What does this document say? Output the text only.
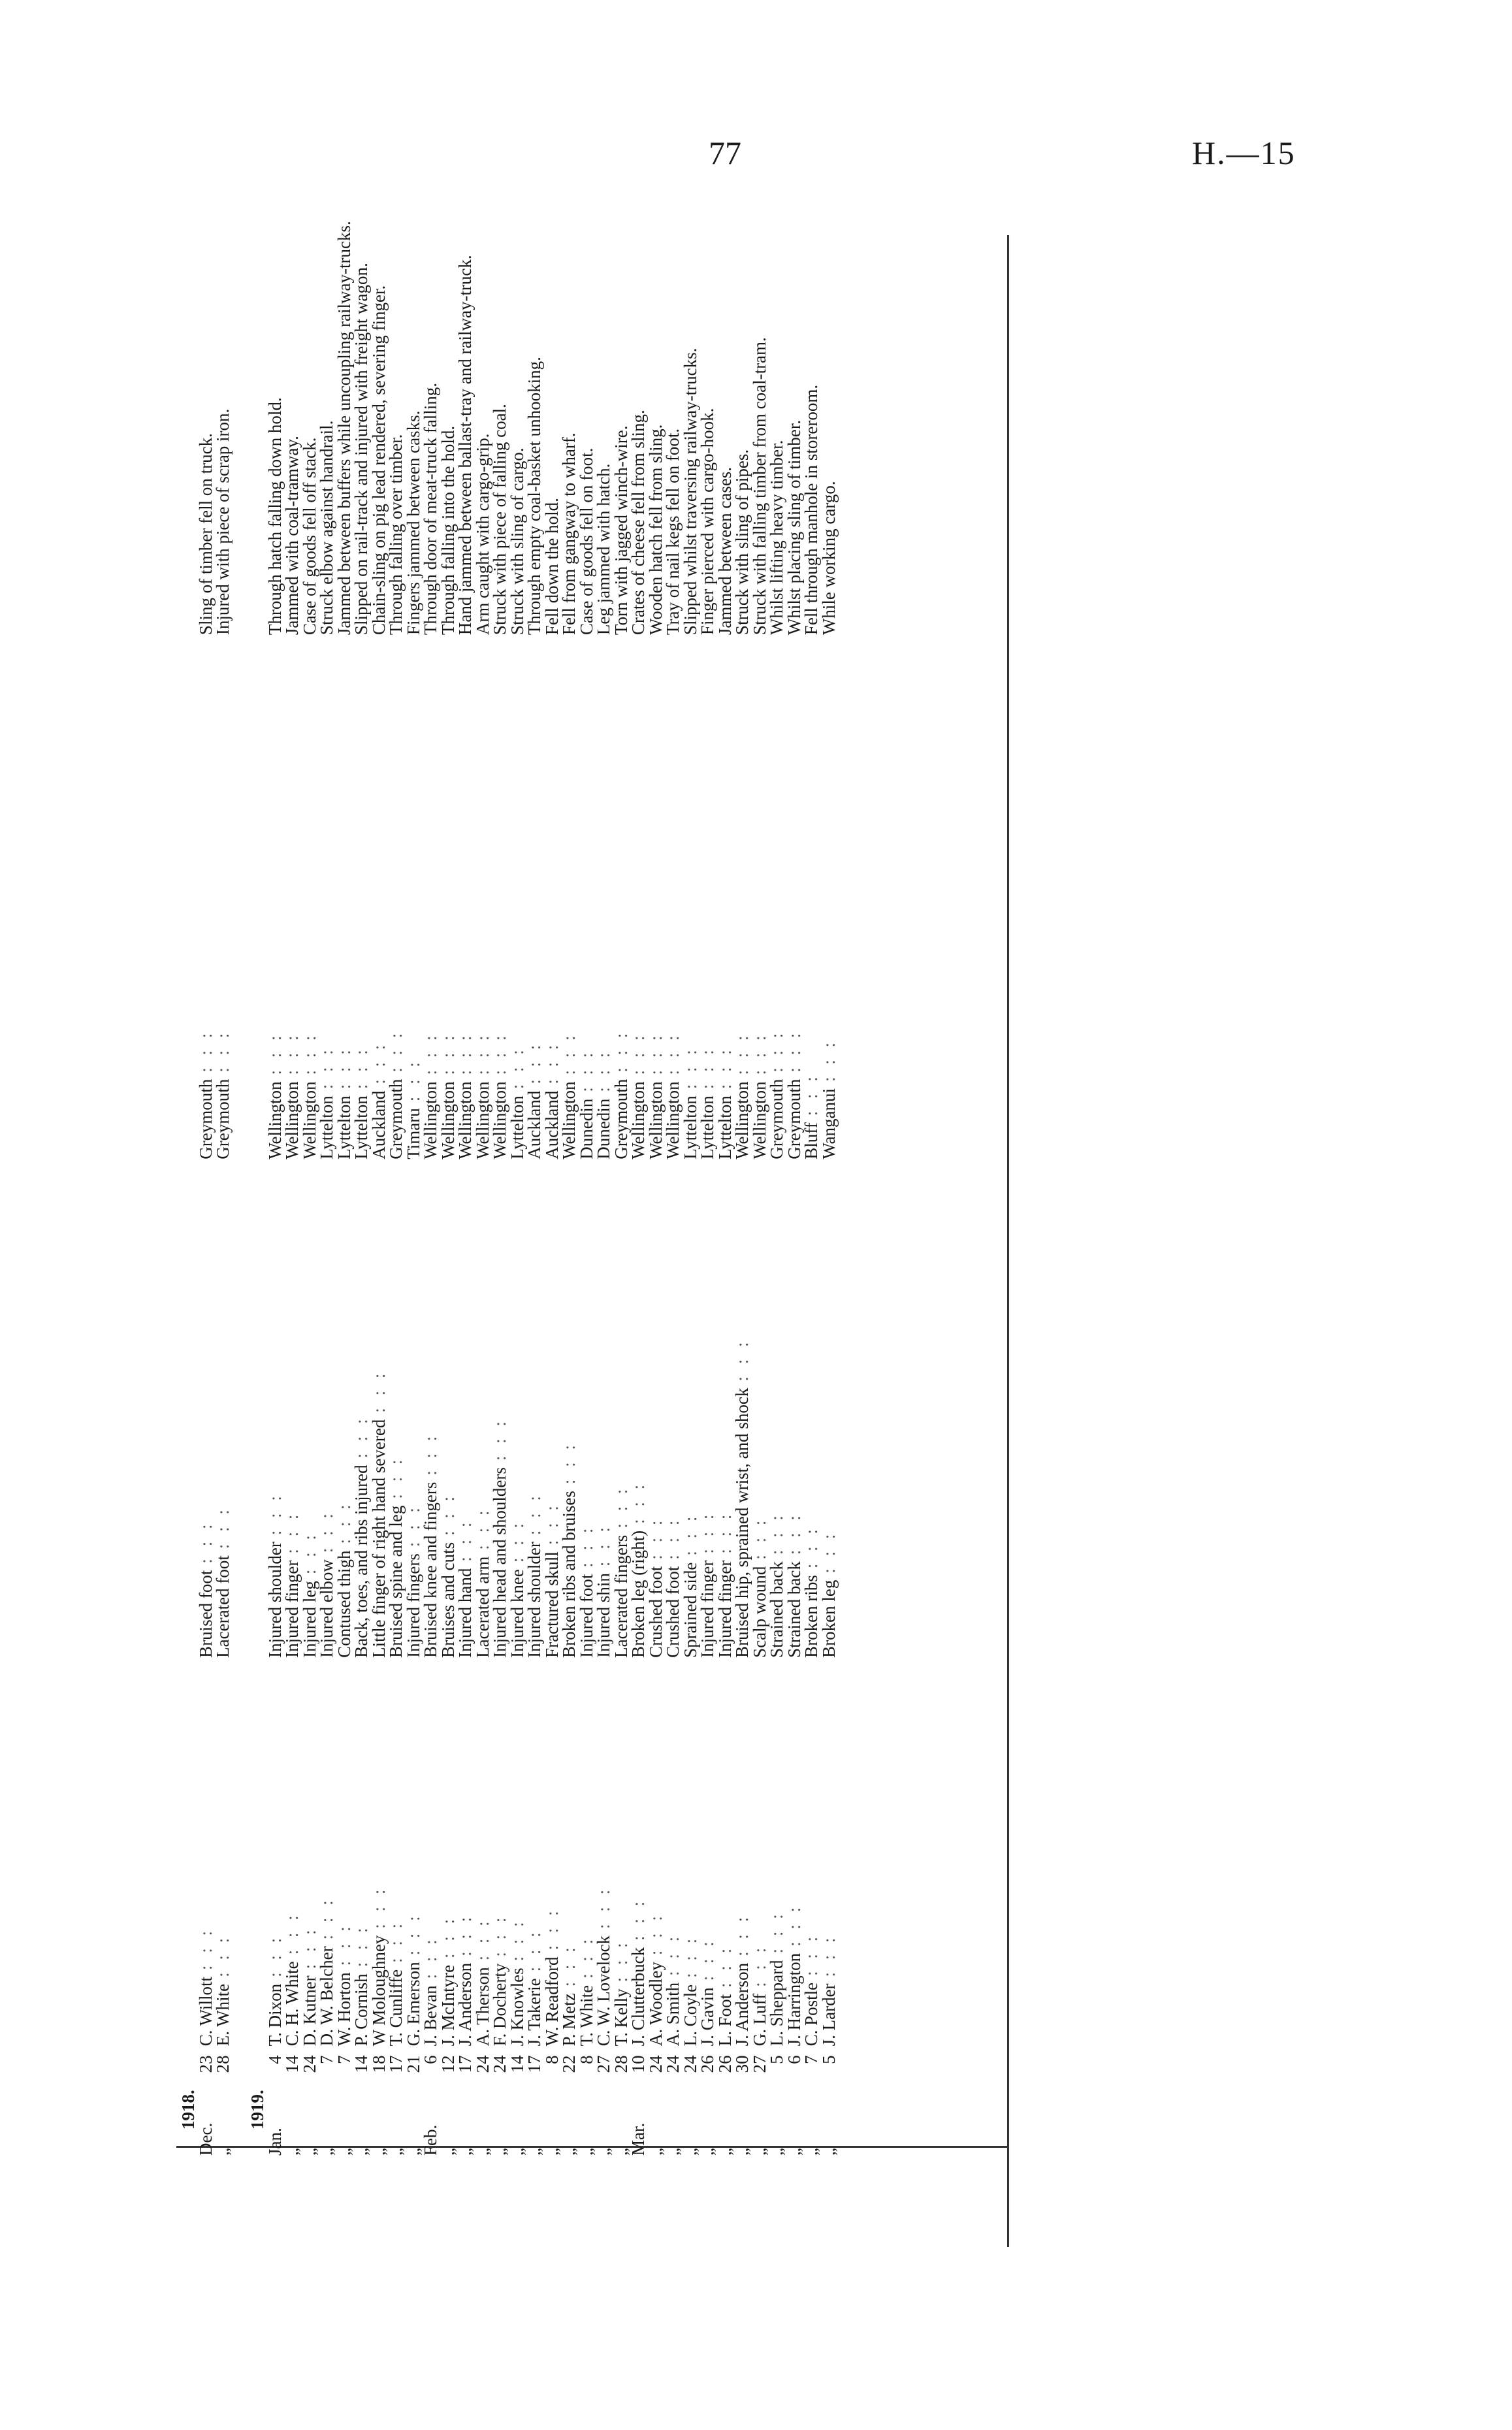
77	H.—15
1918.
Dec.
23
C. Willott: : :
Bruised foot: : :
Greymouth: : :
Sling of timber fell on truck.
„
28
E. White: : :
Lacerated foot: : :
Greymouth: : :
Injured with piece of scrap iron.
1919.
Jan.
4
T. Dixon: : :
Injured shoulder: : :
Wellington: : :
Through hatch falling down hold.
„
14
C. H. White: : :
Injured finger: : :
Wellington: : :
Jammed with coal-tramway.
„
24
D. Kutner: : :
Injured leg: : :
Wellington: : :
Case of goods fell off stack.
„
7
D. W. Belcher: : :
Injured elbow: : :
Lyttelton: : :
Struck elbow against handrail.
„
7
W. Horton: : :
Contused thigh: : :
Lyttelton: : :
Jammed between buffers while uncoupling railway-trucks.
„
14
P. Cornish: : :
Back, toes, and ribs injured: : :
Lyttelton: : :
Slipped on rail-track and injured with freight wagon.
„
18
W Moloughney: : :
Little finger of right hand severed: : :
Auckland: : :
Chain-sling on pig lead rendered, severing finger.
„
17
T. Cunliffe: : :
Bruised spine and leg: : :
Greymouth: : :
Through falling over timber.
„
21
G. Emerson: : :
Injured fingers: : :
Timaru: : :
Fingers jammed between casks.
Feb.
6
J. Bevan: : :
Bruised knee and fingers: : :
Wellington: : :
Through door of meat-truck falling.
„
12
J. McIntyre: : :
Bruises and cuts: : :
Wellington: : :
Through falling into the hold.
„
17
J. Anderson: : :
Injured hand: : :
Wellington: : :
Hand jammed between ballast-tray and railway-truck.
„
24
A. Therson: : :
Lacerated arm: : :
Wellington: : :
Arm caught with cargo-grip.
„
24
F. Docherty: : :
Injured head and shoulders: : :
Wellington: : :
Struck with piece of falling coal.
„
14
J. Knowles: : :
Injured knee: : :
Lyttelton: : :
Struck with sling of cargo.
„
17
J. Takerie: : :
Injured shoulder: : :
Auckland: : :
Through empty coal-basket unhooking.
„
8
W. Readford: : :
Fractured skull: : :
Auckland: : :
Fell down the hold.
„
22
P. Metz: : :
Broken ribs and bruises: : :
Wellington: : :
Fell from gangway to wharf.
„
8
T. White: : :
Injured foot: : :
Dunedin: : :
Case of goods fell on foot.
„
27
C. W. Lovelock: : :
Injured shin: : :
Dunedin: : :
Leg jammed with hatch.
„
28
T. Kelly: : :
Lacerated fingers: : :
Greymouth: : :
Torn with jagged winch-wire.
Mar.
10
J. Clutterbuck: : :
Broken leg (right): : :
Wellington: : :
Crates of cheese fell from sling.
„
24
A. Woodley: : :
Crushed foot: : :
Wellington: : :
Wooden hatch fell from sling.
„
24
A. Smith: : :
Crushed foot: : :
Wellington: : :
Tray of nail kegs fell on foot.
„
24
L. Coyle: : :
Sprained side: : :
Lyttelton: : :
Slipped whilst traversing railway-trucks.
„
26
J. Gavin: : :
Injured finger: : :
Lyttelton: : :
Finger pierced with cargo-hook.
„
26
L. Foot: : :
Injured finger: : :
Lyttelton: : :
Jammed between cases.
„
30
J. Anderson: : :
Bruised hip, sprained wrist, and shock: : :
Wellington: : :
Struck with sling of pipes.
„
27
G. Luff: : :
Scalp wound: : :
Wellington: : :
Struck with falling timber from coal-tram.
„
5
L. Sheppard: : :
Strained back: : :
Greymouth: : :
Whilst lifting heavy timber.
„
6
J. Harrington: : :
Strained back: : :
Greymouth: : :
Whilst placing sling of timber.
„
7
C. Postle: : :
Broken ribs: : :
Bluff: : :
Fell through manhole in storeroom.
„
5
J. Larder: : :
Broken leg: : :
Wanganui: : :
While working cargo.
